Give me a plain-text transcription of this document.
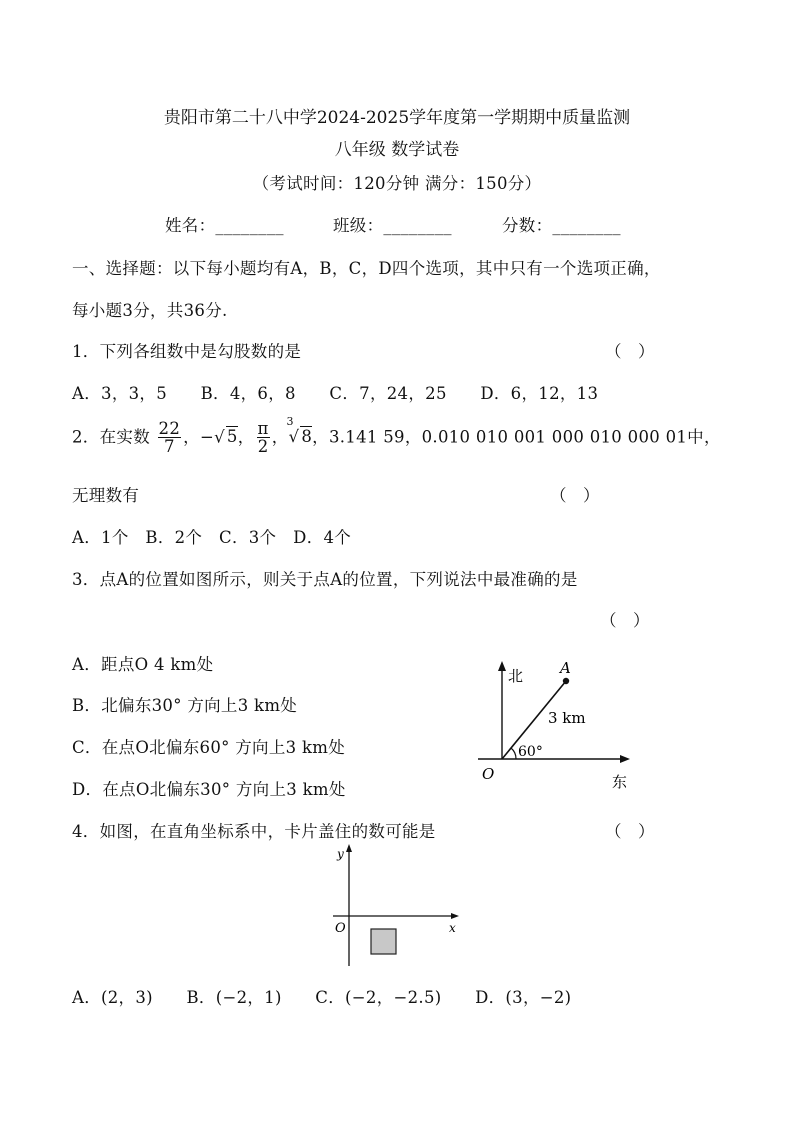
贵阳市第二十八中学2024-2025学年度第一学期期中质量监测
八年级 数学试卷
（考试时间：120分钟 满分：150分）
姓名：________	班级：________	分数：________
一、选择题：以下每小题均有A，B，C，D四个选项，其中只有一个选项正确，
每小题3分，共36分.
1．下列各组数中是勾股数的是	（　）
A．3，3，5　　B．4，6，8　　C．7，24，25　　D．6，12，13
2．在实数 $\frac{22}{7}$ ，−√ 5， $\frac{\pi}{2}$ ，
3
√ 8，3.141 59，0.010 010 001 000 010 000 01中，
无理数有	（　）
A．1个　B．2个　C．3个　D．4个
3．点A的位置如图所示，则关于点A的位置，下列说法中最准确的是
（　）
A．距点O 4 km处
B．北偏东30° 方向上3 km处
C．在点O北偏东60° 方向上3 km处
D．在点O北偏东30° 方向上3 km处
北
东
O
A
3 km
60°
4．如图，在直角坐标系中，卡片盖住的数可能是	（　）
y
x
O
A．(2，3)　　B．(−2，1)　　C．(−2，−2.5)　　D．(3，−2)
